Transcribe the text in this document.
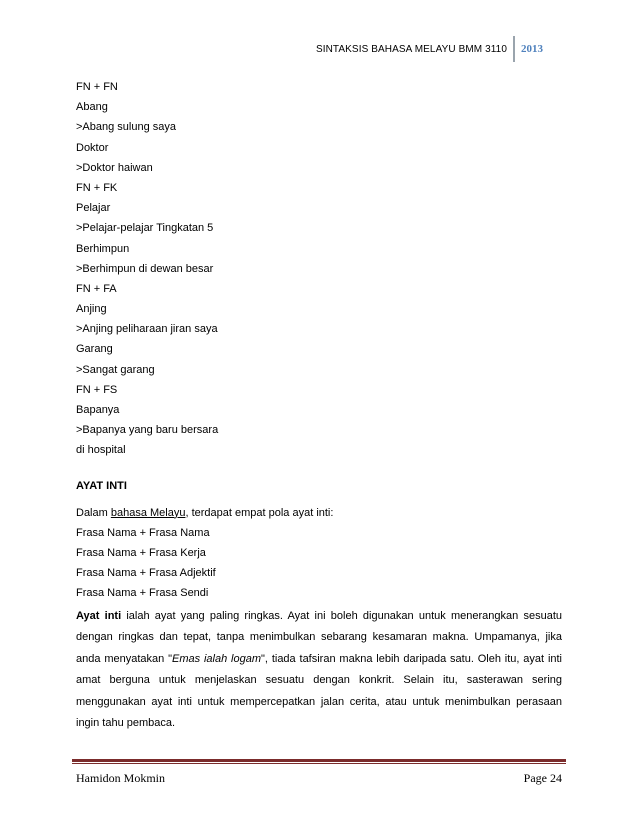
SINTAKSIS BAHASA MELAYU BMM 3110	2013
FN + FN
Abang
>Abang sulung saya
Doktor
>Doktor haiwan
FN + FK
Pelajar
>Pelajar-pelajar Tingkatan 5
Berhimpun
>Berhimpun di dewan besar
FN + FA
Anjing
>Anjing peliharaan jiran saya
Garang
>Sangat garang
FN + FS
Bapanya
>Bapanya yang baru bersara
di hospital
AYAT INTI
Dalam bahasa Melayu, terdapat empat pola ayat inti:
Frasa Nama + Frasa Nama
Frasa Nama + Frasa Kerja
Frasa Nama + Frasa Adjektif
Frasa Nama + Frasa Sendi
Ayat inti ialah ayat yang paling ringkas. Ayat ini boleh digunakan untuk menerangkan sesuatu dengan ringkas dan tepat, tanpa menimbulkan sebarang kesamaran makna. Umpamanya, jika anda menyatakan "Emas ialah logam", tiada tafsiran makna lebih daripada satu. Oleh itu, ayat inti amat berguna untuk menjelaskan sesuatu dengan konkrit. Selain itu, sasterawan sering menggunakan ayat inti untuk mempercepatkan jalan cerita, atau untuk menimbulkan perasaan ingin tahu pembaca.
Hamidon Mokmin	Page 24
